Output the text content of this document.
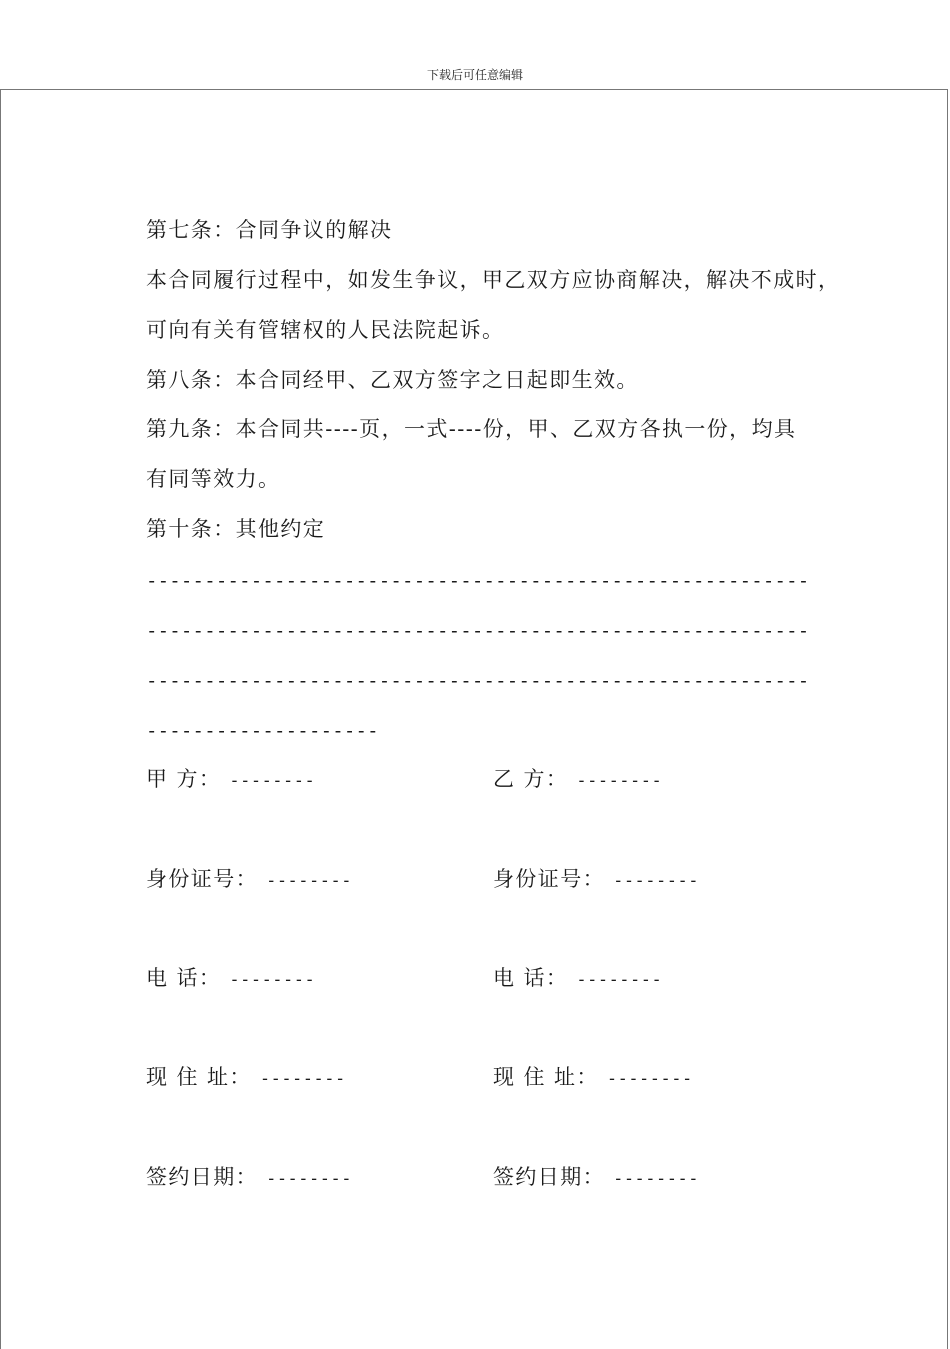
下载后可任意编辑
第七条：合同争议的解决
本合同履行过程中，如发生争议，甲乙双方应协商解决，解决不成时，
可向有关有管辖权的人民法院起诉。
第八条：本合同经甲、乙双方签字之日起即生效。
第九条：本合同共----页，一式----份，甲、乙双方各执一份，均具
有同等效力。
第十条：其他约定
---------------------------------------------------------
---------------------------------------------------------
---------------------------------------------------------
--------------------
甲 方： --------	乙 方： --------
身份证号： --------	身份证号： --------
电 话： --------	电 话： --------
现 住 址： --------	现 住 址： --------
签约日期： --------	签约日期： --------
